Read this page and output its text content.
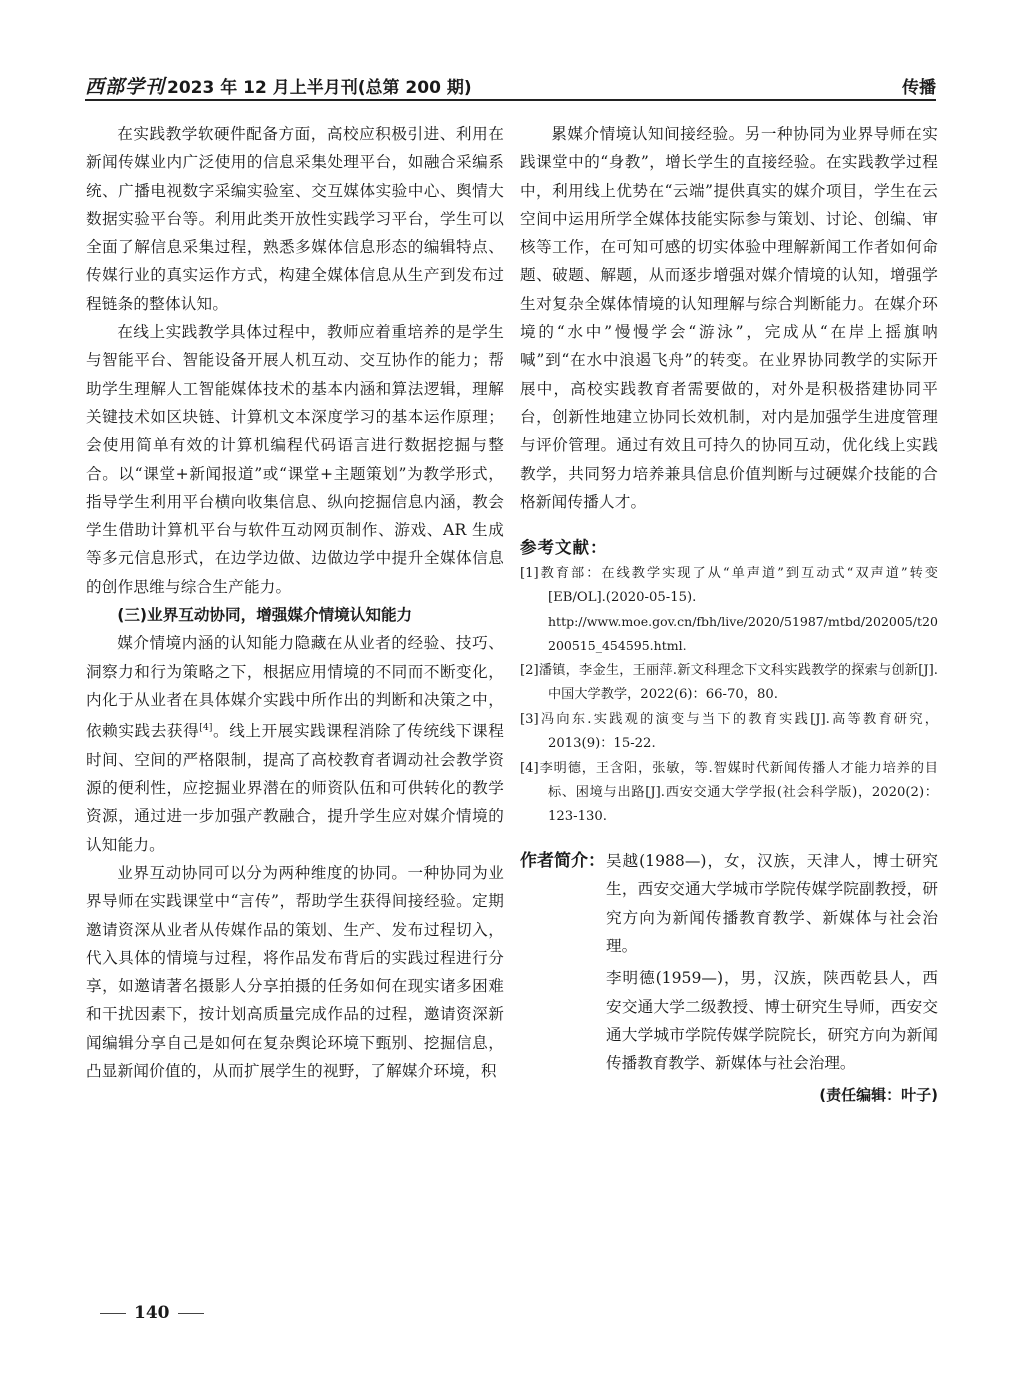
西部学刊 2023 年 12 月上半月刊(总第 200 期)	传播

在实践教学软硬件配备方面，高校应积极引进、利用在新闻传媒业内广泛使用的信息采集处理平台，如融合采编系统、广播电视数字采编实验室、交互媒体实验中心、舆情大数据实验平台等。利用此类开放性实践学习平台，学生可以全面了解信息采集过程，熟悉多媒体信息形态的编辑特点、传媒行业的真实运作方式，构建全媒体信息从生产到发布过程链条的整体认知。

在线上实践教学具体过程中，教师应着重培养的是学生与智能平台、智能设备开展人机互动、交互协作的能力；帮助学生理解人工智能媒体技术的基本内涵和算法逻辑，理解关键技术如区块链、计算机文本深度学习的基本运作原理；会使用简单有效的计算机编程代码语言进行数据挖掘与整合。以“课堂+新闻报道”或“课堂+主题策划”为教学形式，指导学生利用平台横向收集信息、纵向挖掘信息内涵，教会学生借助计算机平台与软件互动网页制作、游戏、AR 生成等多元信息形式，在边学边做、边做边学中提升全媒体信息的创作思维与综合生产能力。

(三)业界互动协同，增强媒介情境认知能力

媒介情境内涵的认知能力隐藏在从业者的经验、技巧、洞察力和行为策略之下，根据应用情境的不同而不断变化，内化于从业者在具体媒介实践中所作出的判断和决策之中，依赖实践去获得[4]。线上开展实践课程消除了传统线下课程时间、空间的严格限制，提高了高校教育者调动社会教学资源的便利性，应挖掘业界潜在的师资队伍和可供转化的教学资源，通过进一步加强产教融合，提升学生应对媒介情境的认知能力。

业界互动协同可以分为两种维度的协同。一种协同为业界导师在实践课堂中“言传”，帮助学生获得间接经验。定期邀请资深从业者从传媒作品的策划、生产、发布过程切入，代入具体的情境与过程，将作品发布背后的实践过程进行分享，如邀请著名摄影人分享拍摄的任务如何在现实诸多困难和干扰因素下，按计划高质量完成作品的过程，邀请资深新闻编辑分享自己是如何在复杂舆论环境下甄别、挖掘信息，凸显新闻价值的，从而扩展学生的视野，了解媒介环境，积

累媒介情境认知间接经验。另一种协同为业界导师在实践课堂中的“身教”，增长学生的直接经验。在实践教学过程中，利用线上优势在“云端”提供真实的媒介项目，学生在云空间中运用所学全媒体技能实际参与策划、讨论、创编、审核等工作，在可知可感的切实体验中理解新闻工作者如何命题、破题、解题，从而逐步增强对媒介情境的认知，增强学生对复杂全媒体情境的认知理解与综合判断能力。在媒介环境的“水中”慢慢学会“游泳”，完成从“在岸上摇旗呐喊”到“在水中浪遏飞舟”的转变。在业界协同教学的实际开展中，高校实践教育者需要做的，对外是积极搭建协同平台，创新性地建立协同长效机制，对内是加强学生进度管理与评价管理。通过有效且可持久的协同互动，优化线上实践教学，共同努力培养兼具信息价值判断与过硬媒介技能的合格新闻传播人才。

参考文献：
[1]教育部：在线教学实现了从“单声道”到互动式“双声道”转变[EB/OL].(2020-05-15).
http://www.moe.gov.cn/fbh/live/2020/51987/mtbd/202005/t20200515_454595.html.
[2]潘镇，李金生，王丽萍.新文科理念下文科实践教学的探索与创新[J].中国大学教学，2022(6)：66-70，80.
[3]冯向东.实践观的演变与当下的教育实践[J].高等教育研究，2013(9)：15-22.
[4]李明德，王含阳，张敏，等.智媒时代新闻传播人才能力培养的目标、困境与出路[J].西安交通大学学报(社会科学版)，2020(2)：123-130.
作者简介： 吴越(1988—)，女，汉族，天津人，博士研究生，西安交通大学城市学院传媒学院副教授，研究方向为新闻传播教育教学、新媒体与社会治理。

李明德(1959—)，男，汉族，陕西乾县人，西安交通大学二级教授、博士研究生导师，西安交通大学城市学院传媒学院院长，研究方向为新闻传播教育教学、新媒体与社会治理。

(责任编辑：叶子)
140
